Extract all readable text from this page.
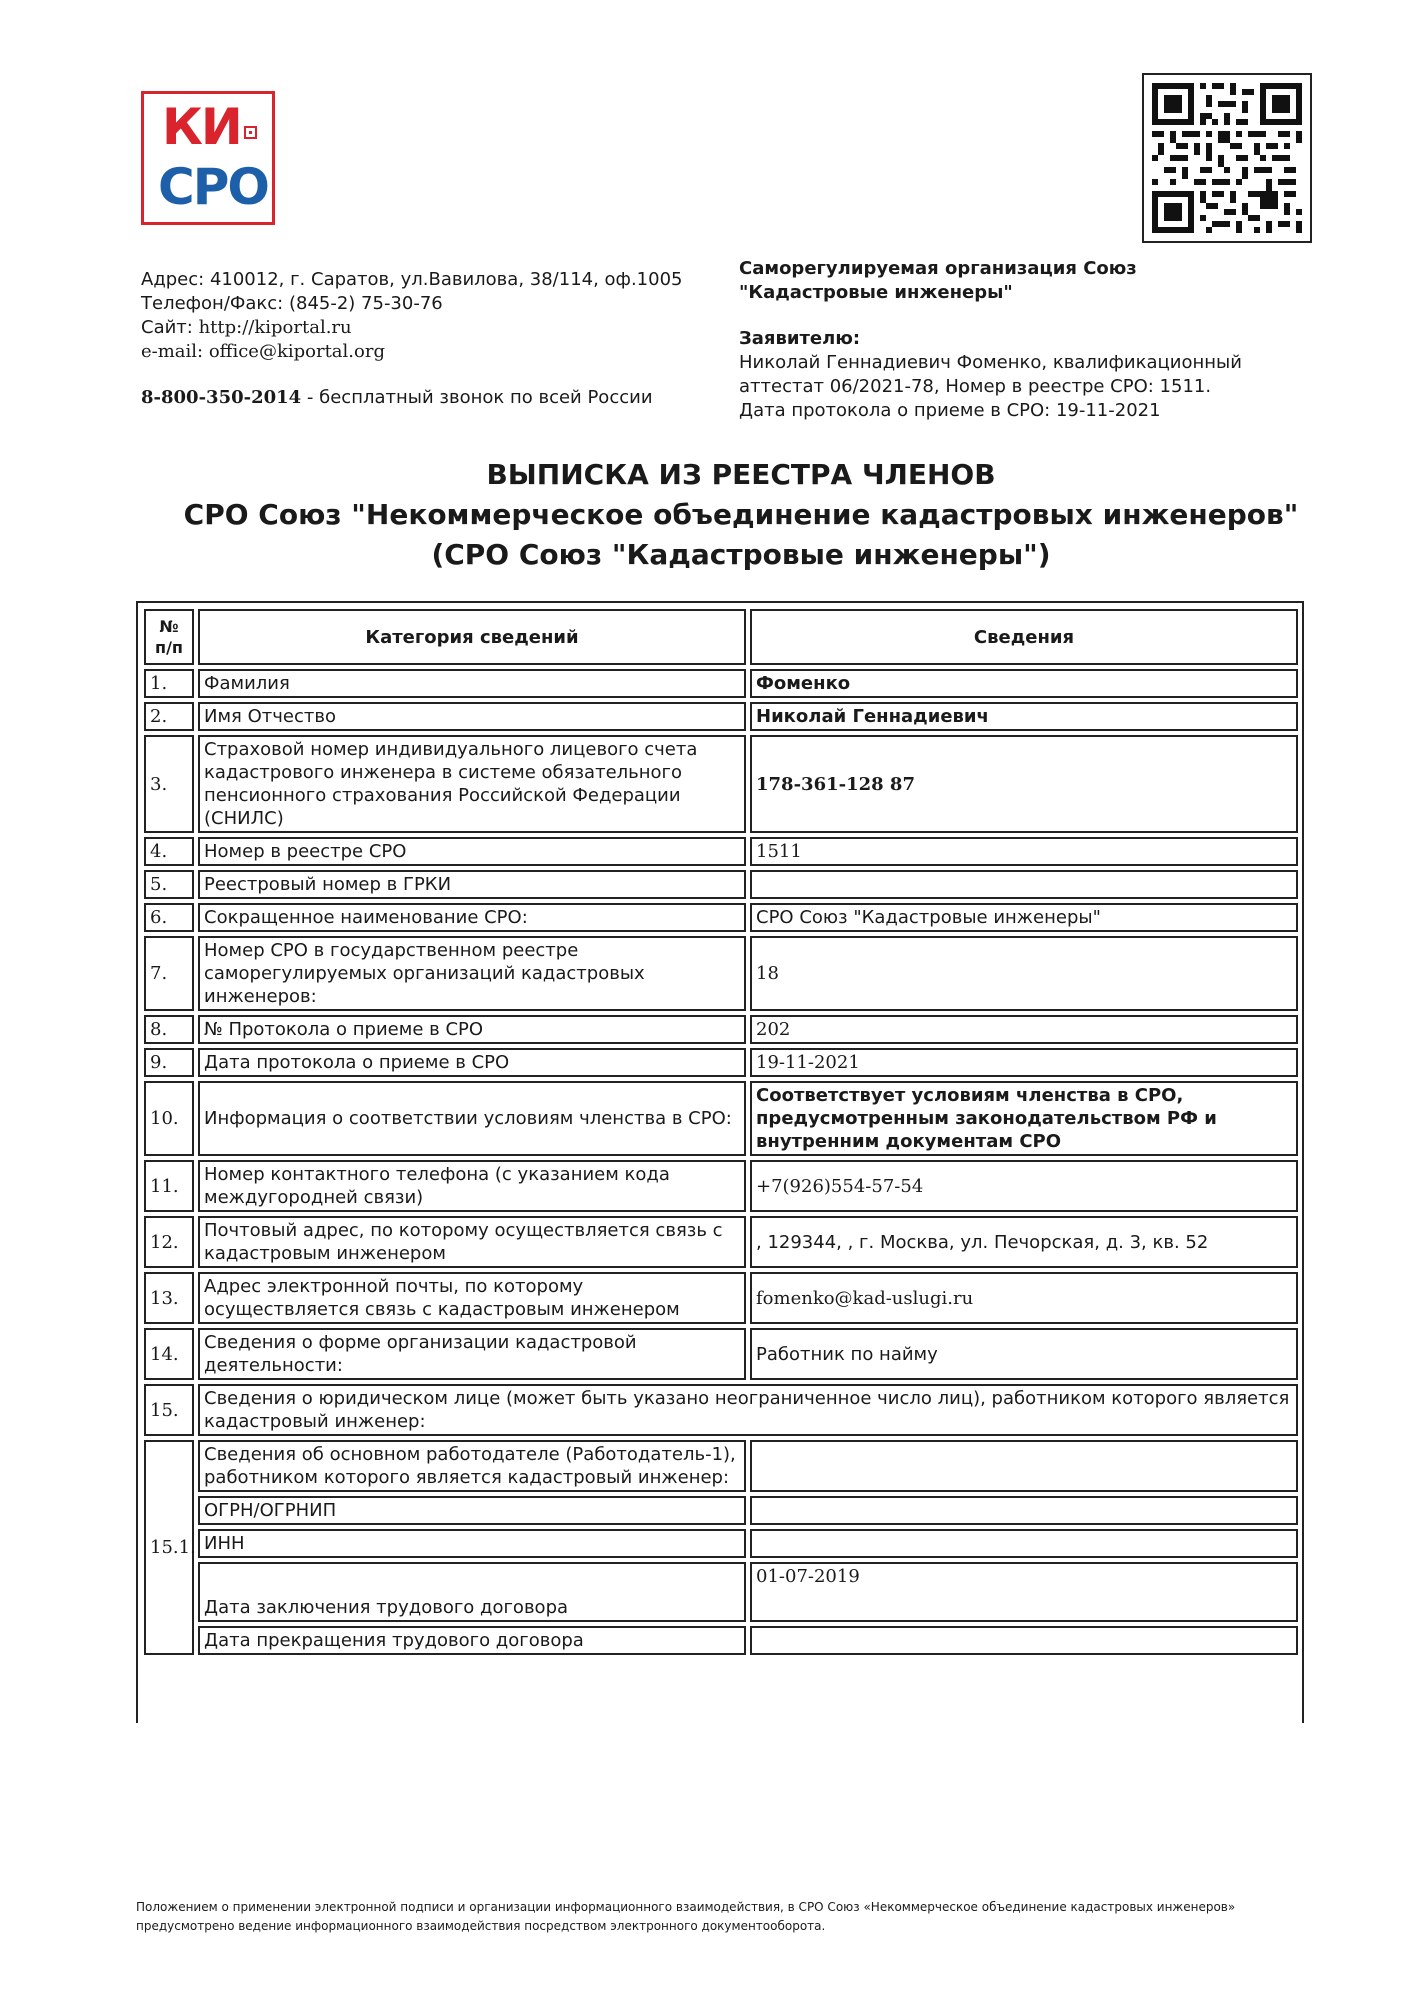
КИ
СРО
Адрес: 410012, г. Саратов, ул.Вавилова, 38/114, оф.1005
Телефон/Факс: (845-2) 75-30-76
Сайт: http://kiportal.ru
e-mail: office@kiportal.org
8-800-350-2014 - бесплатный звонок по всей России
Саморегулируемая организация Союз
"Кадастровые инженеры"
Заявителю:
Николай Геннадиевич Фоменко, квалификационный
аттестат 06/2021-78, Номер в реестре СРО: 1511.
Дата протокола о приеме в СРО: 19-11-2021
ВЫПИСКА ИЗ РЕЕСТРА ЧЛЕНОВ
СРО Союз "Некоммерческое объединение кадастровых инженеров"
(СРО Союз "Кадастровые инженеры")
№ п/п	Категория сведений	Сведения
1.	Фамилия	Фоменко
2.	Имя Отчество	Николай Геннадиевич
3.	Страховой номер индивидуального лицевого счета кадастрового инженера в системе обязательного пенсионного страхования Российской Федерации (СНИЛС)	178-361-128 87
4.	Номер в реестре СРО	1511
5.	Реестровый номер в ГРКИ	
6.	Сокращенное наименование СРО:	СРО Союз "Кадастровые инженеры"
7.	Номер СРО в государственном реестре саморегулируемых организаций кадастровых инженеров:	18
8.	№ Протокола о приеме в СРО	202
9.	Дата протокола о приеме в СРО	19-11-2021
10.	Информация о соответствии условиям членства в СРО:	Соответствует условиям членства в СРО, предусмотренным законодательством РФ и внутренним документам СРО
11.	Номер контактного телефона (с указанием кода междугородней связи)	+7(926)554-57-54
12.	Почтовый адрес, по которому осуществляется связь с кадастровым инженером	, 129344, , г. Москва, ул. Печорская, д. 3, кв. 52
13.	Адрес электронной почты, по которому осуществляется связь с кадастровым инженером	fomenko@kad-uslugi.ru
14.	Сведения о форме организации кадастровой деятельности:	Работник по найму
15.	Сведения о юридическом лице (может быть указано неограниченное число лиц), работником которого является кадастровый инженер:	
15.1.	Сведения об основном работодателе (Работодатель-1), работником которого является кадастровый инженер:	
	ОГРН/ОГРНИП	
	ИНН	
	Дата заключения трудового договора	01-07-2019
	Дата прекращения трудового договора	
Положением о применении электронной подписи и организации информационного взаимодействия, в СРО Союз «Некоммерческое объединение кадастровых инженеров»
предусмотрено ведение информационного взаимодействия посредством электронного документооборота.
